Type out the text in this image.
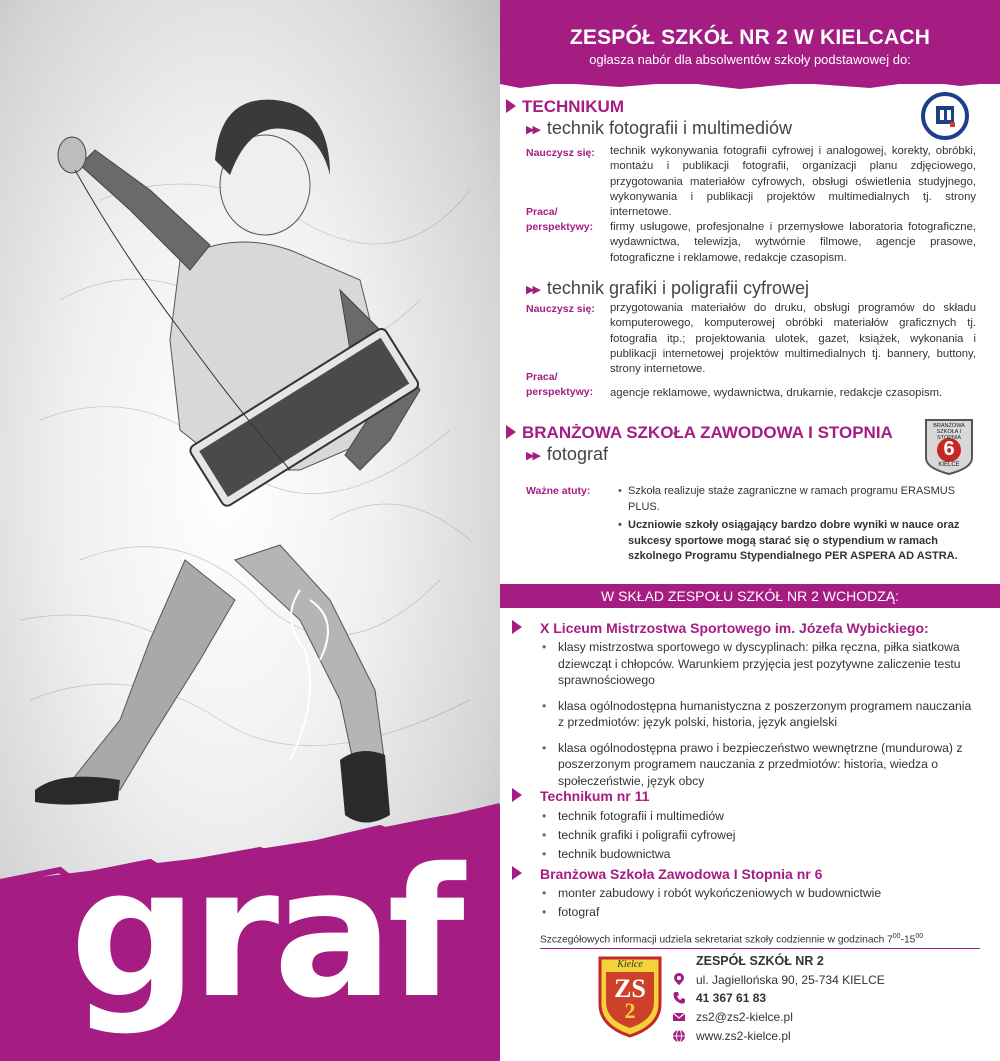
graf
ZESPÓŁ SZKÓŁ NR 2 W KIELCACH
ogłasza nabór dla absolwentów szkoły podstawowej do:
TECHNIKUM
▶▶ technik fotografii i multimediów
Nauczysz się: technik wykonywania fotografii cyfrowej i analogowej, korekty, obróbki, montażu i publikacji fotografii, organizacji planu zdjęciowego, przygotowania materiałów cyfrowych, obsługi oświetlenia studyjnego, wykonywania i publikacji projektów multimedialnych tj. strony internetowe.
Praca/
perspektywy: firmy usługowe, profesjonalne i przemysłowe laboratoria fotograficzne, wydawnictwa, telewizja, wytwórnie filmowe, agencje prasowe, fotograficzne i reklamowe, redakcje czasopism.
▶▶ technik grafiki i poligrafii cyfrowej
Nauczysz się: przygotowania materiałów do druku, obsługi programów do składu komputerowego, komputerowej obróbki materiałów graficznych tj. fotografia itp.; projektowania ulotek, gazet, książek, wykonania i publikacji internetowej projektów multimedialnych tj. bannery, buttony, strony internetowe.
Praca/
perspektywy: agencje reklamowe, wydawnictwa, drukarnie, redakcje czasopism.
BRANŻOWA SZKOŁA ZAWODOWA I STOPNIA	BRANŻOWA SZKOŁA I STOPNIA
6
KIELCE
▶▶ fotograf
Ważne atuty:
•	Szkoła realizuje staże zagraniczne w ramach programu ERASMUS PLUS.
• Uczniowie szkoły osiągający bardzo dobre wyniki w nauce oraz sukcesy sportowe mogą starać się o stypendium w ramach szkolnego Programu Stypendialnego PER ASPERA AD ASTRA.
W SKŁAD ZESPOŁU SZKÓŁ NR 2 WCHODZĄ:
X Liceum Mistrzostwa Sportowego im. Józefa Wybickiego:
• klasy mistrzostwa sportowego w dyscyplinach: piłka ręczna, piłka siatkowa dziewcząt i chłopców. Warunkiem przyjęcia jest pozytywne zaliczenie testu sprawnościowego
• klasa ogólnodostępna humanistyczna z poszerzonym programem nauczania z przedmiotów: język polski, historia, język angielski
• klasa ogólnodostępna prawo i bezpieczeństwo wewnętrzne (mundurowa) z poszerzonym programem nauczania z przedmiotów: historia, wiedza o społeczeństwie, język obcy
Technikum nr 11
• technik fotografii i multimediów
• technik grafiki i poligrafii cyfrowej
• technik budownictwa
Branżowa Szkoła Zawodowa I Stopnia nr 6
• monter zabudowy i robót wykończeniowych w budownictwie
• fotograf
Szczegółowych informacji udziela sekretariat szkoły codziennie w godzinach $7^{00}-15^{00}$
Kielce
ZS
2
ZESPÓŁ SZKÓŁ NR 2
ul. Jagiellońska 90, 25-734 KIELCE
41 367 61 83
zs2@zs2-kielce.pl
www.zs2-kielce.pl
